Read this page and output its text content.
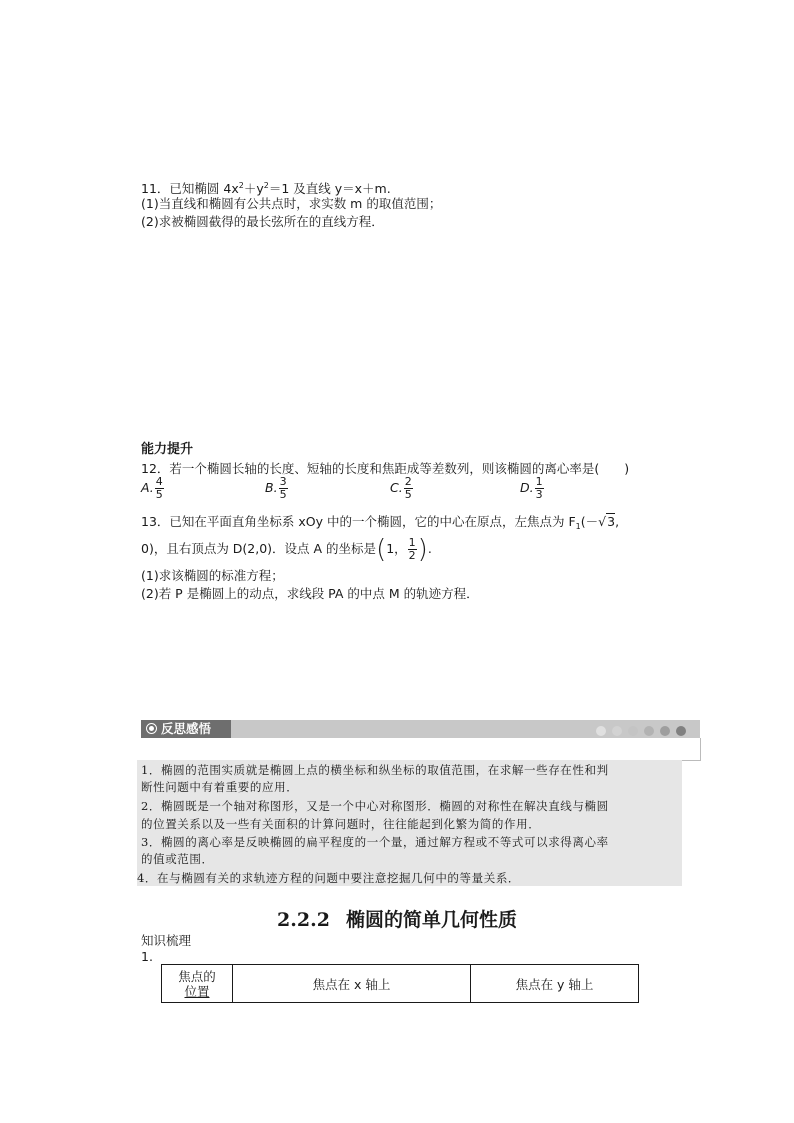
11．已知椭圆 $4x^2+y^2=1$ 及直线 y＝x＋m.
(1)当直线和椭圆有公共点时，求实数 m 的取值范围；
(2)求被椭圆截得的最长弦所在的直线方程．
能力提升
12．若一个椭圆长轴的长度、短轴的长度和焦距成等差数列，则该椭圆的离心率是(　　)
A. $\frac{4}{5}$	B. $\frac{3}{5}$	C. $\frac{2}{5}$	D. $\frac{1}{3}$
13．已知在平面直角坐标系 xOy 中的一个椭圆，它的中心在原点，左焦点为 $F_1(-√3$,
0)，且右顶点为 D(2,0)．设点 A 的坐标是(1， $\frac{1}{2}$ ).
(1)求该椭圆的标准方程；
(2)若 P 是椭圆上的动点，求线段 PA 的中点 M 的轨迹方程．
反思感悟
1．椭圆的范围实质就是椭圆上点的横坐标和纵坐标的取值范围，在求解一些存在性和判
断性问题中有着重要的应用．
2．椭圆既是一个轴对称图形，又是一个中心对称图形．椭圆的对称性在解决直线与椭圆
的位置关系以及一些有关面积的计算问题时，往往能起到化繁为简的作用．
3．椭圆的离心率是反映椭圆的扁平程度的一个量，通过解方程或不等式可以求得离心率
的值或范围．
4．在与椭圆有关的求轨迹方程的问题中要注意挖掘几何中的等量关系．
2.2.2 椭圆的简单几何性质
知识梳理
1.
焦点的
位置	焦点在 x 轴上	焦点在 y 轴上
